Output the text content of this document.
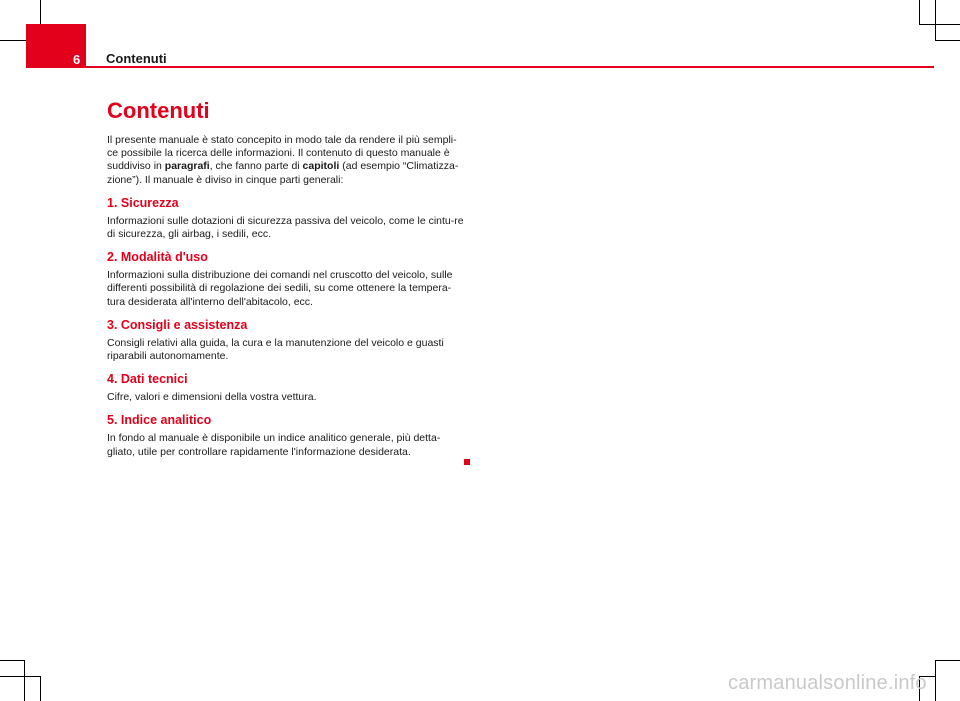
6 Contenuti
Contenuti

Il presente manuale è stato concepito in modo tale da rendere il più sempli-ce possibile la ricerca delle informazioni. Il contenuto di questo manuale è suddiviso in paragrafi, che fanno parte di capitoli (ad esempio “Climatizza-zione”). Il manuale è diviso in cinque parti generali:

1. Sicurezza

Informazioni sulle dotazioni di sicurezza passiva del veicolo, come le cintu-re di sicurezza, gli airbag, i sedili, ecc.

2. Modalità d'uso

Informazioni sulla distribuzione dei comandi nel cruscotto del veicolo, sulle differenti possibilità di regolazione dei sedili, su come ottenere la tempera-tura desiderata all'interno dell'abitacolo, ecc.

3. Consigli e assistenza

Consigli relativi alla guida, la cura e la manutenzione del veicolo e guasti riparabili autonomamente.

4. Dati tecnici

Cifre, valori e dimensioni della vostra vettura.

5. Indice analitico

In fondo al manuale è disponibile un indice analitico generale, più detta-gliato, utile per controllare rapidamente l'informazione desiderata.

carmanualsonline.info
